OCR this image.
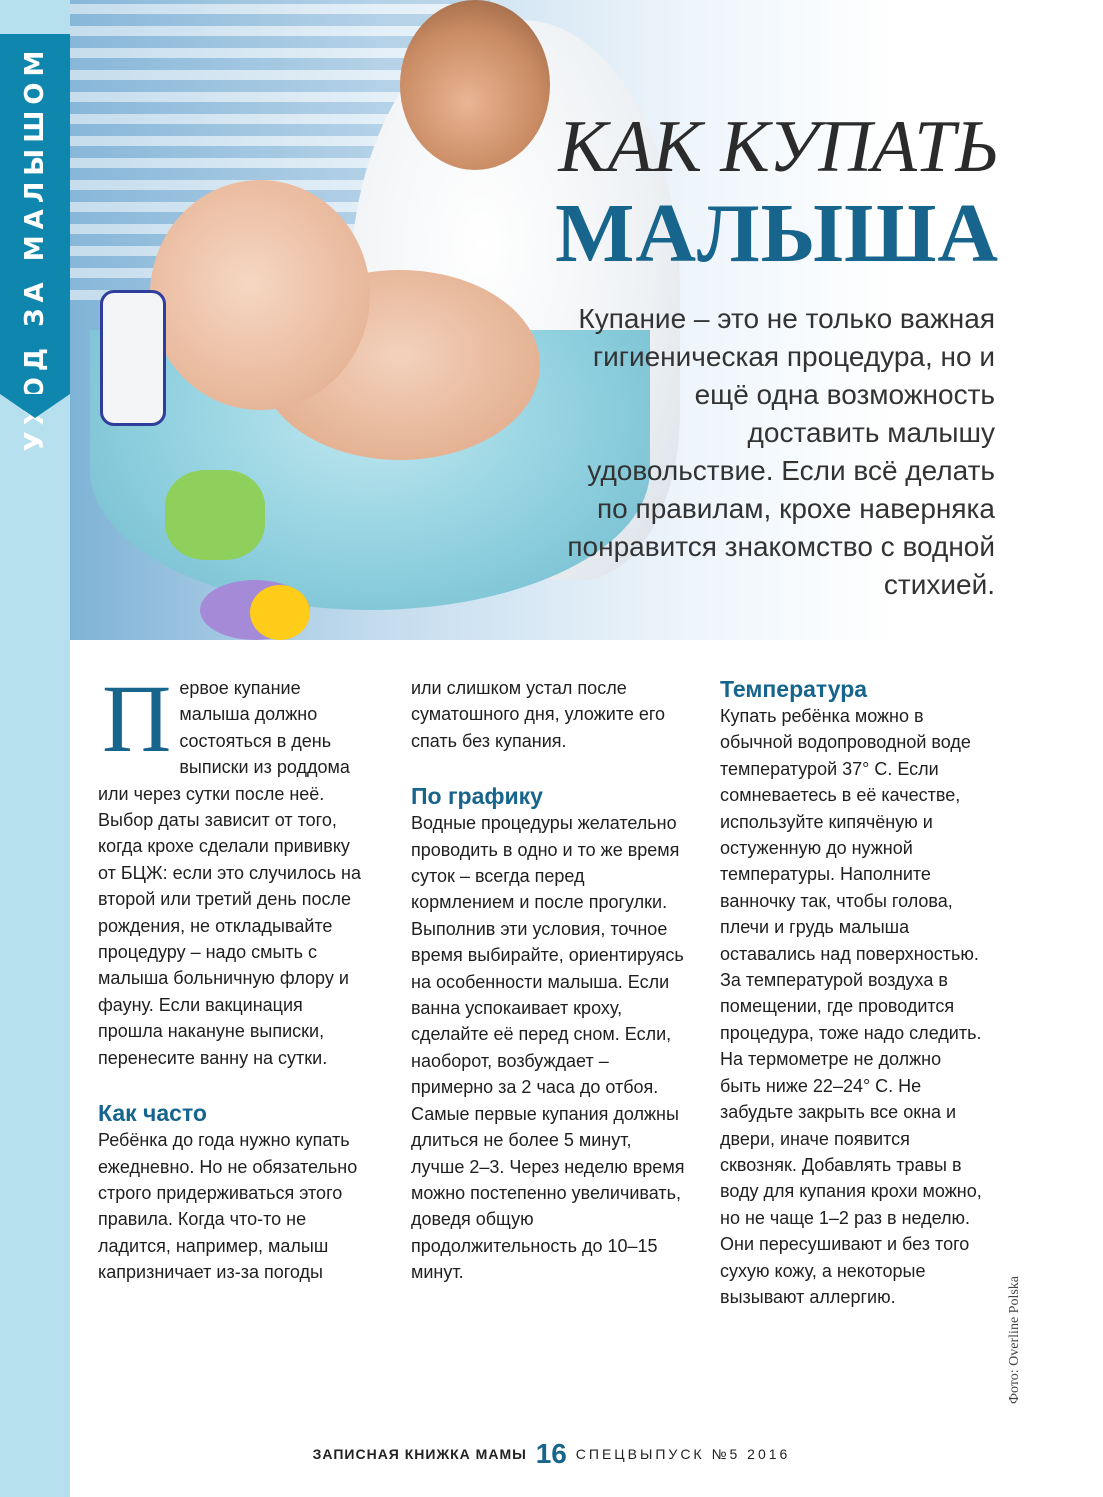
УХОД ЗА МАЛЫШОМ	КАК КУПАТЬ
МАЛЫША
Купание – это не только важная гигиеническая процедура, но и ещё одна возможность доставить малышу удовольствие. Если всё делать по правилам, крохе наверняка понравится знакомство с водной стихией.
П ервое купание малыша должно состояться в день выписки из роддома или через сутки после неё. Выбор даты зависит от того, когда крохе сделали прививку от БЦЖ: если это случилось на второй или третий день после рождения, не откладывайте процедуру – надо смыть с малыша больничную флору и фауну. Если вакцинация прошла накануне выписки, перенесите ванну на сутки.

Как часто

Ребёнка до года нужно купать ежедневно. Но не обязательно строго придерживаться этого правила. Когда что-то не ладится, например, малыш капризничает из-за погоды

или слишком устал после суматошного дня, уложите его спать без купания.

По графику

Водные процедуры желательно проводить в одно и то же время суток – всегда перед кормлением и после прогулки. Выполнив эти условия, точное время выбирайте, ориентируясь на особенности малыша. Если ванна успокаивает кроху, сделайте её перед сном. Если, наоборот, возбуждает – примерно за 2 часа до отбоя.

Самые первые купания должны длиться не более 5 минут, лучше 2–3. Через неделю время можно постепенно увеличивать, доведя общую продолжительность до 10–15 минут.

Температура

Купать ребёнка можно в обычной водопроводной воде температурой 37° С. Если сомневаетесь в её качестве, используйте кипячёную и остуженную до нужной температуры. Наполните ванночку так, чтобы голова, плечи и грудь малыша оставались над поверхностью. За температурой воздуха в помещении, где проводится процедура, тоже надо следить. На термометре не должно быть ниже 22–24° С. Не забудьте закрыть все окна и двери, иначе появится сквозняк. Добавлять травы в воду для купания крохи можно, но не чаще 1–2 раз в неделю. Они пересушивают и без того сухую кожу, а некоторые вызывают аллергию.	Фото: Overline Polska
ЗАПИСНАЯ КНИЖКА МАМЫ 16 СПЕЦВЫПУСК №5 2016
